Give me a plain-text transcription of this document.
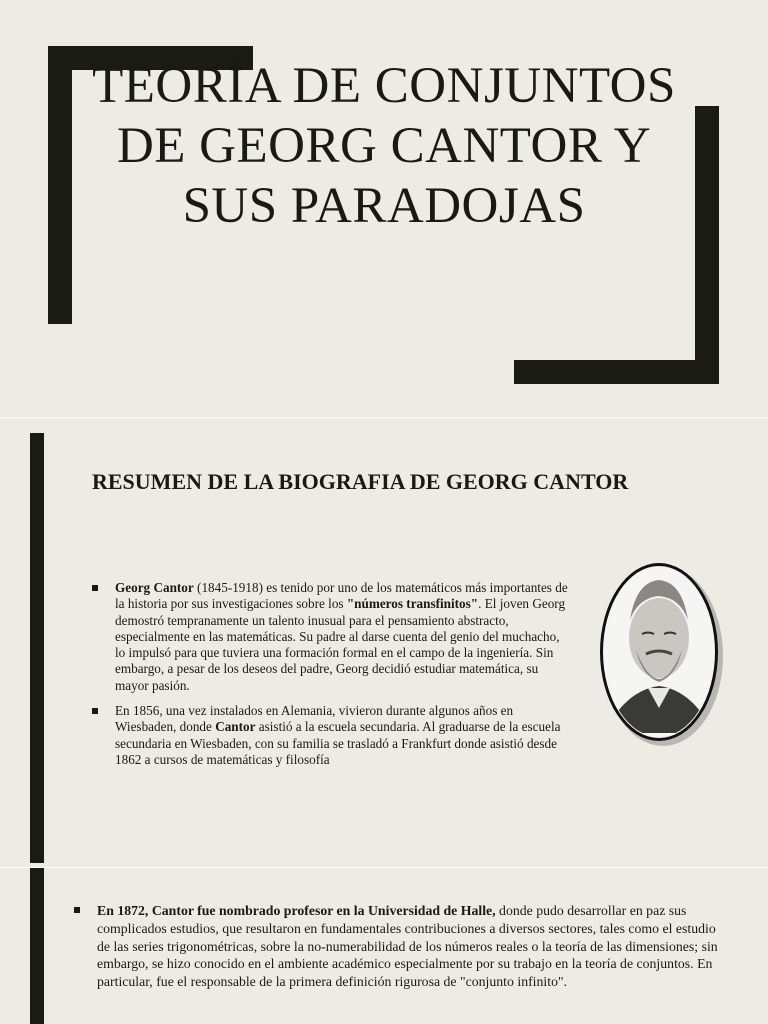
TEORÍA DE CONJUNTOS DE GEORG CANTOR Y SUS PARADOJAS
RESUMEN DE LA BIOGRAFIA DE GEORG CANTOR
Georg Cantor (1845-1918) es tenido por uno de los matemáticos más importantes de la historia por sus investigaciones sobre los "números transfinitos". El joven Georg demostró tempranamente un talento inusual para el pensamiento abstracto, especialmente en las matemáticas. Su padre al darse cuenta del genio del muchacho, lo impulsó para que tuviera una formación formal en el campo de la ingeniería. Sin embargo, a pesar de los deseos del padre, Georg decidió estudiar matemática, su mayor pasión.
En 1856, una vez instalados en Alemania, vivieron durante algunos años en Wiesbaden, donde Cantor asistió a la escuela secundaria. Al graduarse de la escuela secundaria en Wiesbaden, con su familia se trasladó a Frankfurt donde asistió desde 1862 a cursos de matemáticas y filosofía
En 1872, Cantor fue nombrado profesor en la Universidad de Halle, donde pudo desarrollar en paz sus complicados estudios, que resultaron en fundamentales contribuciones a diversos sectores, tales como el estudio de las series trigonométricas, sobre la no-numerabilidad de los números reales o la teoría de las dimensiones; sin embargo, se hizo conocido en el ambiente académico especialmente por su trabajo en la teoría de conjuntos. En particular, fue el responsable de la primera definición rigurosa de "conjunto infinito".
